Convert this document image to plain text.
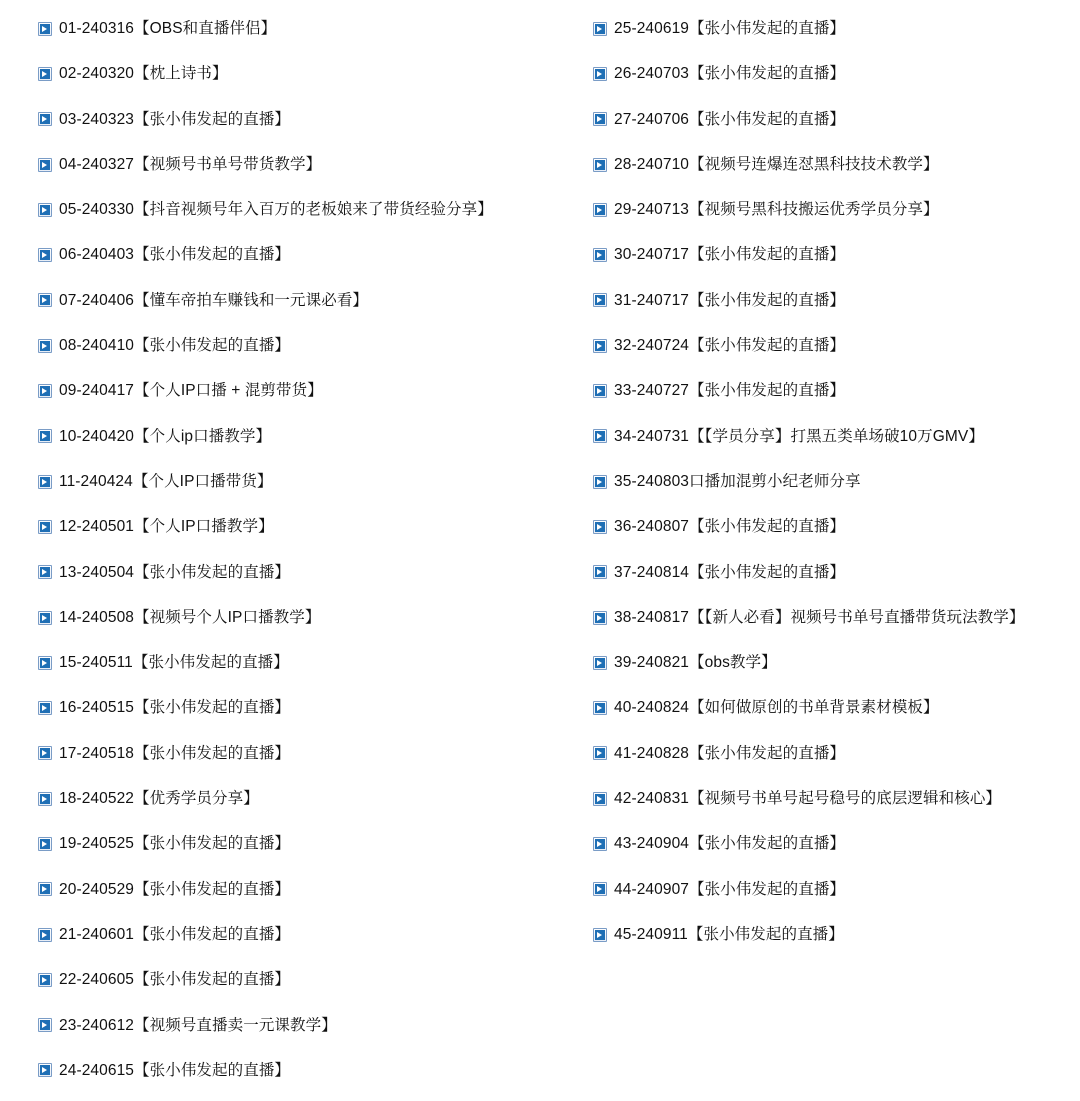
01-240316【OBS和直播伴侣】
02-240320【枕上诗书】
03-240323【张小伟发起的直播】
04-240327【视频号书单号带货教学】
05-240330【抖音视频号年入百万的老板娘来了带货经验分享】
06-240403【张小伟发起的直播】
07-240406【懂车帝拍车赚钱和一元课必看】
08-240410【张小伟发起的直播】
09-240417【个人IP口播 + 混剪带货】
10-240420【个人ip口播教学】
11-240424【个人IP口播带货】
12-240501【个人IP口播教学】
13-240504【张小伟发起的直播】
14-240508【视频号个人IP口播教学】
15-240511【张小伟发起的直播】
16-240515【张小伟发起的直播】
17-240518【张小伟发起的直播】
18-240522【优秀学员分享】
19-240525【张小伟发起的直播】
20-240529【张小伟发起的直播】
21-240601【张小伟发起的直播】
22-240605【张小伟发起的直播】
23-240612【视频号直播卖一元课教学】
24-240615【张小伟发起的直播】
25-240619【张小伟发起的直播】
26-240703【张小伟发起的直播】
27-240706【张小伟发起的直播】
28-240710【视频号连爆连怼黑科技技术教学】
29-240713【视频号黑科技搬运优秀学员分享】
30-240717【张小伟发起的直播】
31-240717【张小伟发起的直播】
32-240724【张小伟发起的直播】
33-240727【张小伟发起的直播】
34-240731【【学员分享】打黑五类单场破10万GMV】
35-240803口播加混剪小纪老师分享
36-240807【张小伟发起的直播】
37-240814【张小伟发起的直播】
38-240817【【新人必看】视频号书单号直播带货玩法教学】
39-240821【obs教学】
40-240824【如何做原创的书单背景素材模板】
41-240828【张小伟发起的直播】
42-240831【视频号书单号起号稳号的底层逻辑和核心】
43-240904【张小伟发起的直播】
44-240907【张小伟发起的直播】
45-240911【张小伟发起的直播】
